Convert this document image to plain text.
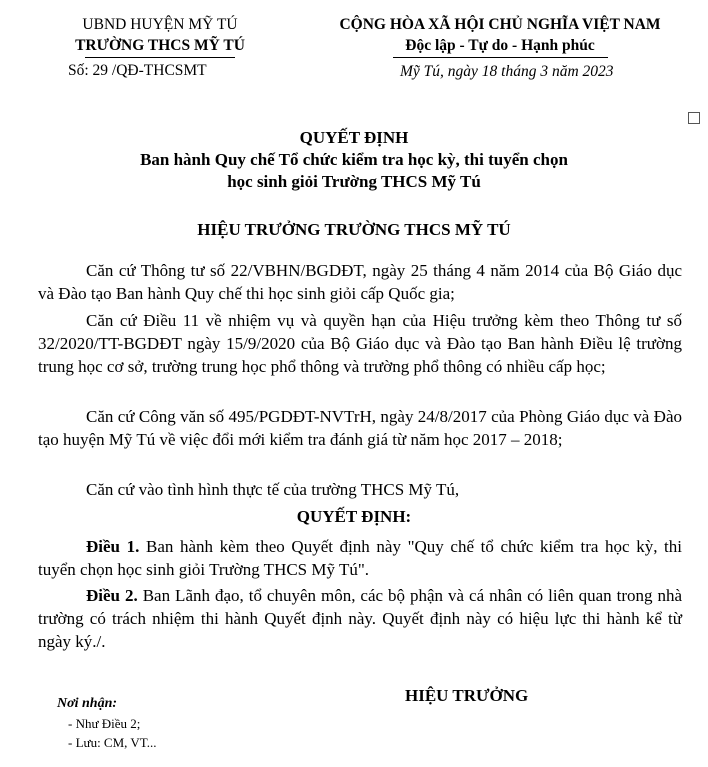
UBND HUYỆN MỸ TÚ
TRƯỜNG THCS MỸ TÚ
Số: 29 /QĐ-THCSMT
CỘNG HÒA XÃ HỘI CHỦ NGHĨA VIỆT NAM
Độc lập - Tự do - Hạnh phúc
Mỹ Tú, ngày 18 tháng 3 năm 2023
QUYẾT ĐỊNH
Ban hành Quy chế Tổ chức kiểm tra học kỳ, thi tuyển chọn
học sinh giỏi Trường THCS Mỹ Tú
HIỆU TRƯỞNG TRƯỜNG THCS MỸ TÚ
Căn cứ Thông tư số 22/VBHN/BGDĐT, ngày 25 tháng 4 năm 2014 của Bộ Giáo dục và Đào tạo Ban hành Quy chế thi học sinh giỏi cấp Quốc gia;
Căn cứ Điều 11 về nhiệm vụ và quyền hạn của Hiệu trưởng kèm theo Thông tư số 32/2020/TT-BGDĐT ngày 15/9/2020 của Bộ Giáo dục và Đào tạo Ban hành Điều lệ trường trung học cơ sở, trường trung học phổ thông và trường phổ thông có nhiều cấp học;
Căn cứ Công văn số 495/PGDĐT-NVTrH, ngày 24/8/2017 của Phòng Giáo dục và Đào tạo huyện Mỹ Tú về việc đổi mới kiểm tra đánh giá từ năm học 2017 – 2018;
Căn cứ vào tình hình thực tế của trường THCS Mỹ Tú,
QUYẾT ĐỊNH:
Điều 1. Ban hành kèm theo Quyết định này "Quy chế tổ chức kiểm tra học kỳ, thi tuyển chọn học sinh giỏi Trường THCS Mỹ Tú".
Điều 2. Ban Lãnh đạo, tổ chuyên môn, các bộ phận và cá nhân có liên quan trong nhà trường có trách nhiệm thi hành Quyết định này. Quyết định này có hiệu lực thi hành kể từ ngày ký./.
Nơi nhận:
- Như Điều 2;
- Lưu: CM, VT...
HIỆU TRƯỞNG
